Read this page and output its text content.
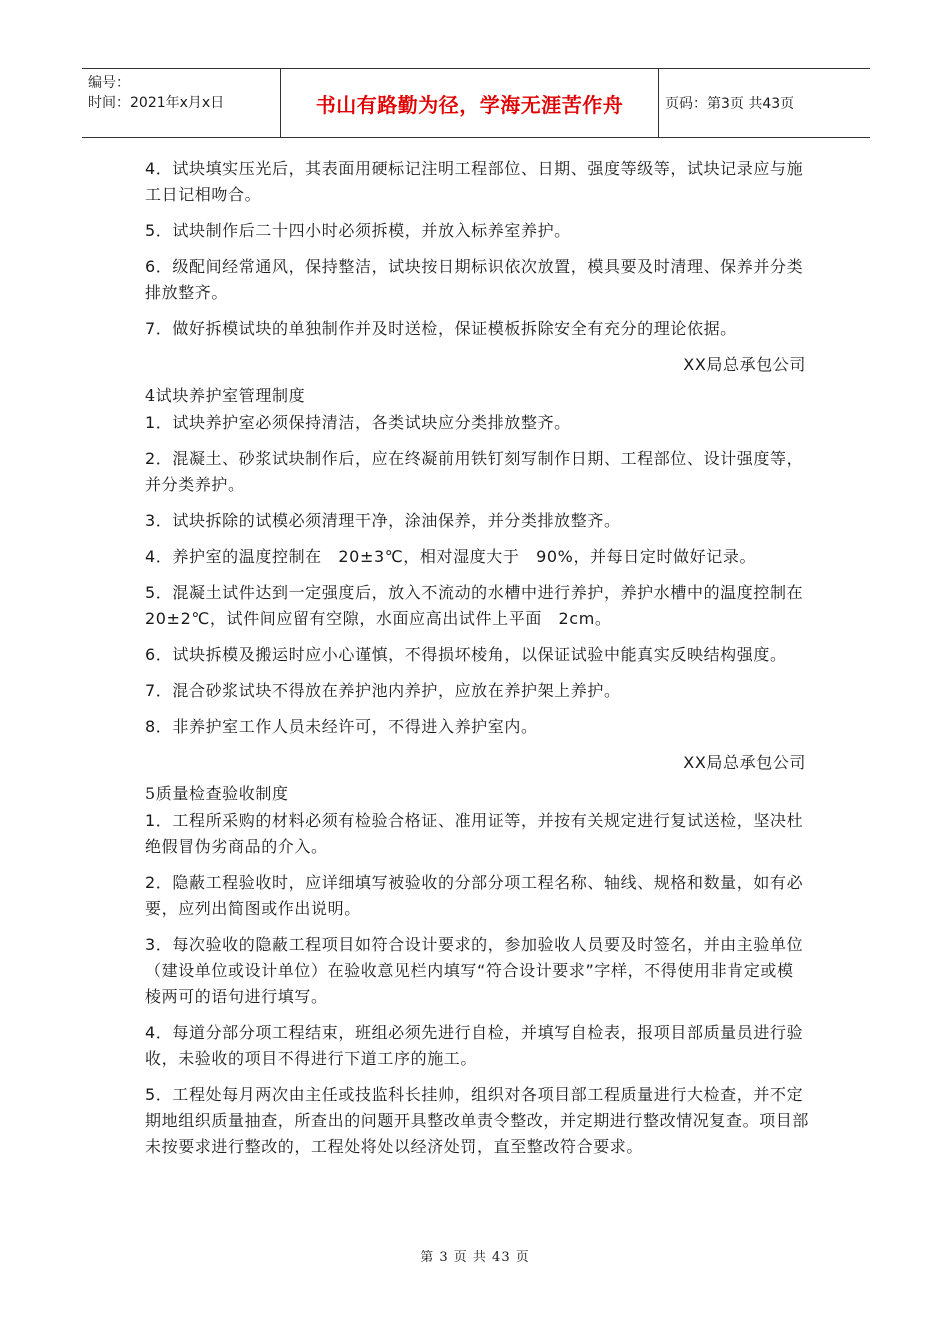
编号：
时间：2021年x月x日	书山有路勤为径，学海无涯苦作舟	页码：第3页 共43页

4．试块填实压光后，其表面用硬标记注明工程部位、日期、强度等级等，试块记录应与施工日记相吻合。

5．试块制作后二十四小时必须拆模，并放入标养室养护。

6．级配间经常通风，保持整洁，试块按日期标识依次放置，模具要及时清理、保养并分类排放整齐。

7．做好拆模试块的单独制作并及时送检，保证模板拆除安全有充分的理论依据。

XX局总承包公司

4试块养护室管理制度

1．试块养护室必须保持清洁，各类试块应分类排放整齐。

2．混凝土、砂浆试块制作后，应在终凝前用铁钉刻写制作日期、工程部位、设计强度等，并分类养护。

3．试块拆除的试模必须清理干净，涂油保养，并分类排放整齐。

4．养护室的温度控制在　20±3℃，相对湿度大于　90%，并每日定时做好记录。

5．混凝土试件达到一定强度后，放入不流动的水槽中进行养护，养护水槽中的温度控制在　20±2℃，试件间应留有空隙，水面应高出试件上平面　2cm。

6．试块拆模及搬运时应小心谨慎，不得损坏棱角，以保证试验中能真实反映结构强度。

7．混合砂浆试块不得放在养护池内养护，应放在养护架上养护。

8．非养护室工作人员未经许可，不得进入养护室内。

XX局总承包公司

5质量检查验收制度

1．工程所采购的材料必须有检验合格证、准用证等，并按有关规定进行复试送检，坚决杜绝假冒伪劣商品的介入。

2．隐蔽工程验收时，应详细填写被验收的分部分项工程名称、轴线、规格和数量，如有必要，应列出简图或作出说明。

3．每次验收的隐蔽工程项目如符合设计要求的，参加验收人员要及时签名，并由主验单位（建设单位或设计单位）在验收意见栏内填写“符合设计要求”字样，不得使用非肯定或模棱两可的语句进行填写。

4．每道分部分项工程结束，班组必须先进行自检，并填写自检表，报项目部质量员进行验收，未验收的项目不得进行下道工序的施工。

5．工程处每月两次由主任或技监科长挂帅，组织对各项目部工程质量进行大检查，并不定期地组织质量抽查，所查出的问题开具整改单责令整改，并定期进行整改情况复查。项目部未按要求进行整改的，工程处将处以经济处罚，直至整改符合要求。

第 3 页 共 43 页
